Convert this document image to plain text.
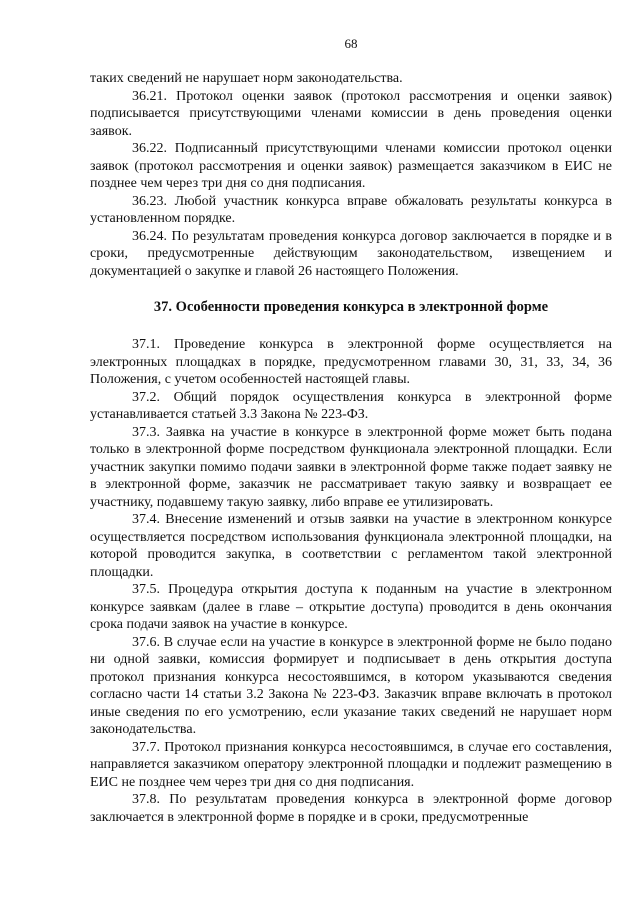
68

таких сведений не нарушает норм законодательства.

36.21. Протокол оценки заявок (протокол рассмотрения и оценки заявок) подписывается присутствующими членами комиссии в день проведения оценки заявок.

36.22. Подписанный присутствующими членами комиссии протокол оценки заявок (протокол рассмотрения и оценки заявок) размещается заказчиком в ЕИС не позднее чем через три дня со дня подписания.

36.23. Любой участник конкурса вправе обжаловать результаты конкурса в установленном порядке.

36.24. По результатам проведения конкурса договор заключается в порядке и в сроки, предусмотренные действующим законодательством, извещением и документацией о закупке и главой 26 настоящего Положения.

37. Особенности проведения конкурса в электронной форме

37.1. Проведение конкурса в электронной форме осуществляется на электронных площадках в порядке, предусмотренном главами 30, 31, 33, 34, 36 Положения, с учетом особенностей настоящей главы.

37.2. Общий порядок осуществления конкурса в электронной форме устанавливается статьей 3.3 Закона № 223-ФЗ.

37.3. Заявка на участие в конкурсе в электронной форме может быть подана только в электронной форме посредством функционала электронной площадки. Если участник закупки помимо подачи заявки в электронной форме также подает заявку не в электронной форме, заказчик не рассматривает такую заявку и возвращает ее участнику, подавшему такую заявку, либо вправе ее утилизировать.

37.4. Внесение изменений и отзыв заявки на участие в электронном конкурсе осуществляется посредством использования функционала электронной площадки, на которой проводится закупка, в соответствии с регламентом такой электронной площадки.

37.5. Процедура открытия доступа к поданным на участие в электронном конкурсе заявкам (далее в главе – открытие доступа) проводится в день окончания срока подачи заявок на участие в конкурсе.

37.6. В случае если на участие в конкурсе в электронной форме не было подано ни одной заявки, комиссия формирует и подписывает в день открытия доступа протокол признания конкурса несостоявшимся, в котором указываются сведения согласно части 14 статьи 3.2 Закона № 223-ФЗ. Заказчик вправе включать в протокол иные сведения по его усмотрению, если указание таких сведений не нарушает норм законодательства.

37.7. Протокол признания конкурса несостоявшимся, в случае его составления, направляется заказчиком оператору электронной площадки и подлежит размещению в ЕИС не позднее чем через три дня со дня подписания.

37.8. По результатам проведения конкурса в электронной форме договор заключается в электронной форме в порядке и в сроки, предусмотренные
